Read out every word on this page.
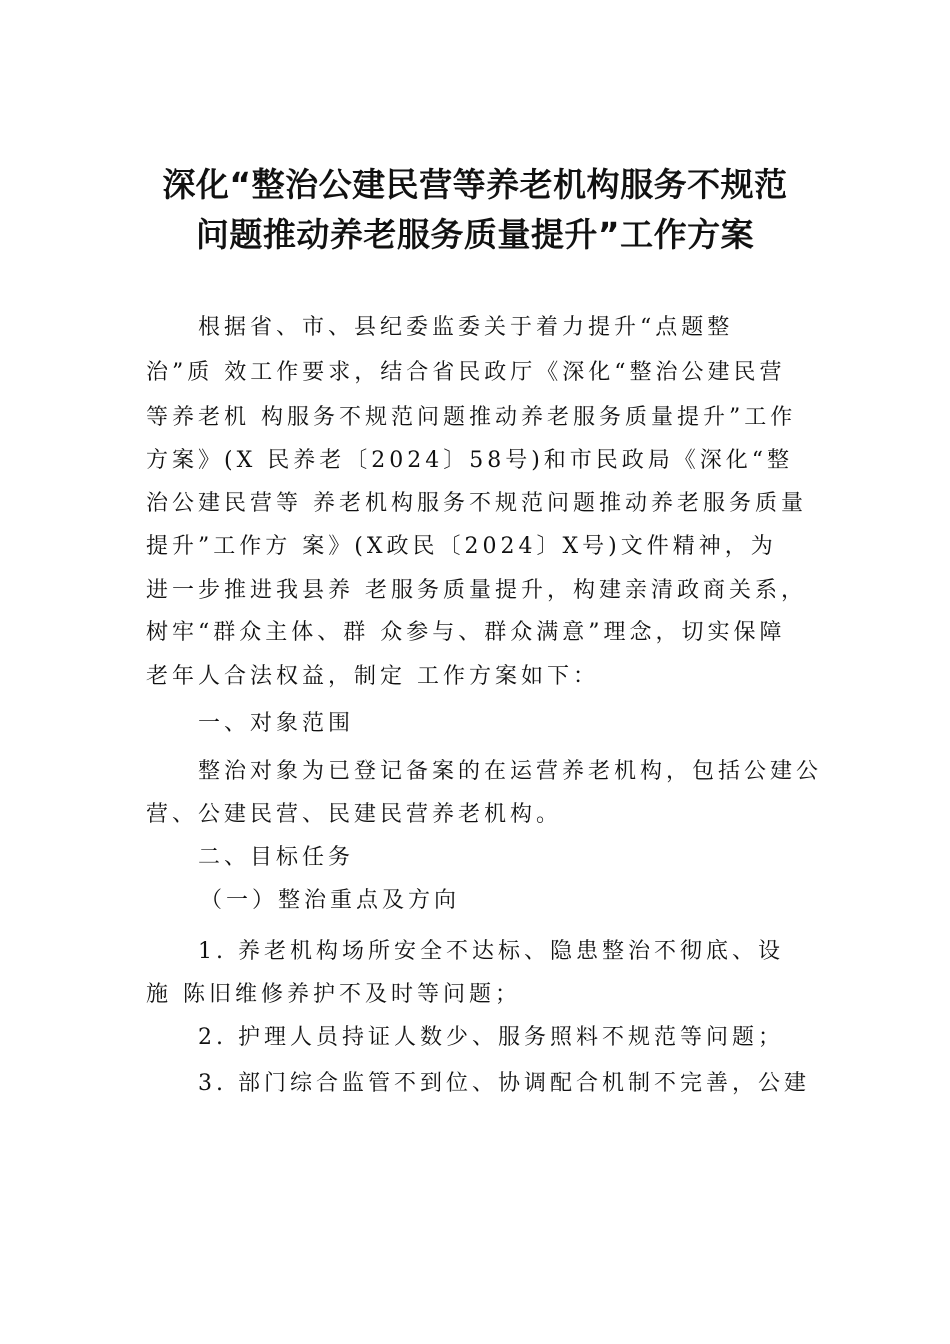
深化“整治公建民营等养老机构服务不规范
问题推动养老服务质量提升”工作方案
根据省、市、县纪委监委关于着力提升“点题整
治”质 效工作要求，结合省民政厅《深化“整治公建民营
等养老机 构服务不规范问题推动养老服务质量提升”工作
方案》(X 民养老〔2024〕58号)和市民政局《深化“整
治公建民营等 养老机构服务不规范问题推动养老服务质量
提升”工作方 案》(X政民〔2024〕X号)文件精神，为
进一步推进我县养 老服务质量提升，构建亲清政商关系，
树牢“群众主体、群 众参与、群众满意”理念，切实保障
老年人合法权益，制定 工作方案如下：
一、对象范围
整治对象为已登记备案的在运营养老机构，包括公建公
营、公建民营、民建民营养老机构。
二、目标任务
（一）整治重点及方向
1. 养老机构场所安全不达标、隐患整治不彻底、设
施 陈旧维修养护不及时等问题；
2. 护理人员持证人数少、服务照料不规范等问题；
3. 部门综合监管不到位、协调配合机制不完善，公建
